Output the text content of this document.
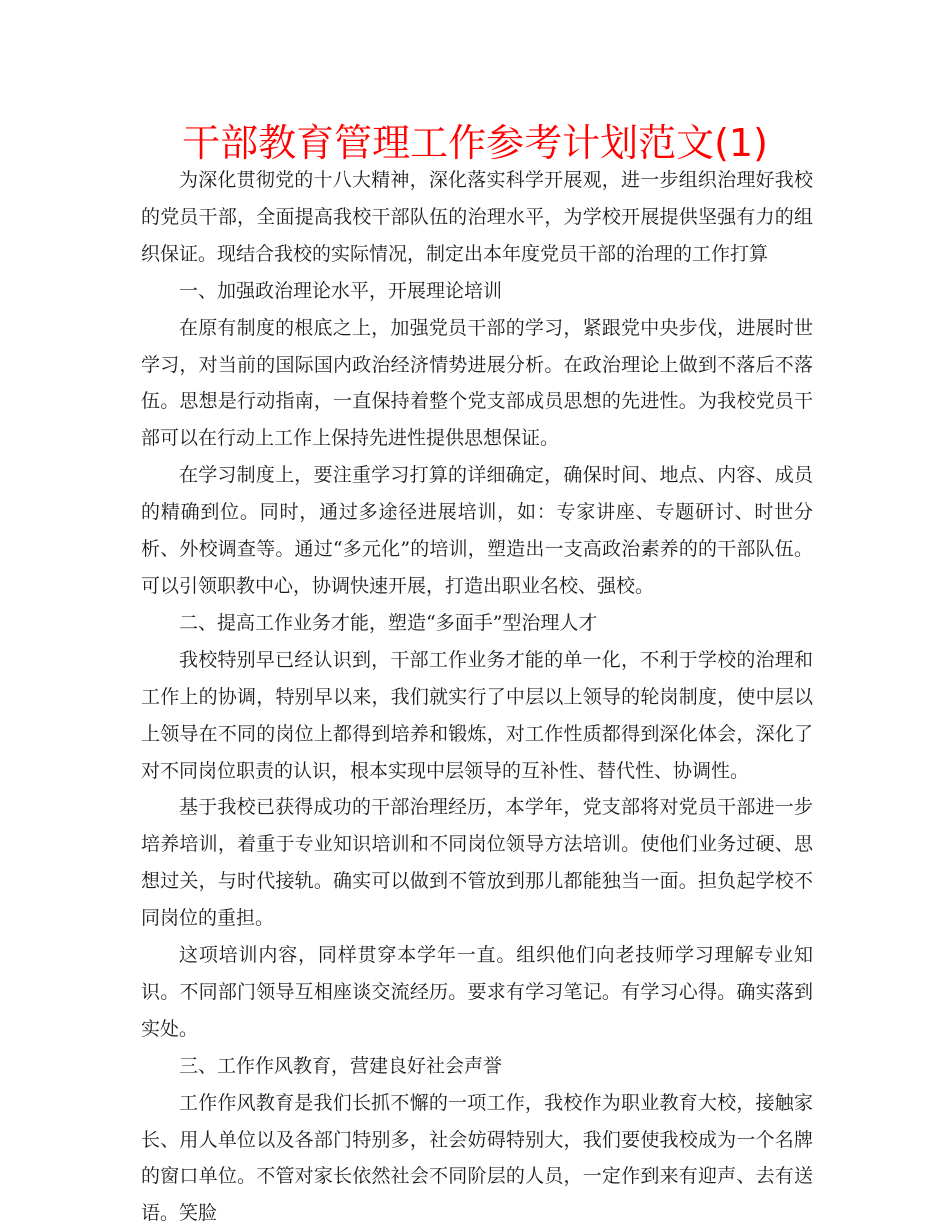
干部教育管理工作参考计划范文(1)

为深化贯彻党的十八大精神，深化落实科学开展观，进一步组织治理好我校的党员干部，全面提高我校干部队伍的治理水平，为学校开展提供坚强有力的组织保证。现结合我校的实际情况，制定出本年度党员干部的治理的工作打算

一、加强政治理论水平，开展理论培训

在原有制度的根底之上，加强党员干部的学习，紧跟党中央步伐，进展时世学习，对当前的国际国内政治经济情势进展分析。在政治理论上做到不落后不落伍。思想是行动指南，一直保持着整个党支部成员思想的先进性。为我校党员干部可以在行动上工作上保持先进性提供思想保证。

在学习制度上，要注重学习打算的详细确定，确保时间、地点、内容、成员的精确到位。同时，通过多途径进展培训，如：专家讲座、专题研讨、时世分析、外校调查等。通过“多元化”的培训，塑造出一支高政治素养的的干部队伍。可以引领职教中心，协调快速开展，打造出职业名校、强校。

二、提高工作业务才能，塑造“多面手”型治理人才

我校特别早已经认识到，干部工作业务才能的单一化，不利于学校的治理和工作上的协调，特别早以来，我们就实行了中层以上领导的轮岗制度，使中层以上领导在不同的岗位上都得到培养和锻炼，对工作性质都得到深化体会，深化了对不同岗位职责的认识，根本实现中层领导的互补性、替代性、协调性。

基于我校已获得成功的干部治理经历，本学年，党支部将对党员干部进一步培养培训，着重于专业知识培训和不同岗位领导方法培训。使他们业务过硬、思想过关，与时代接轨。确实可以做到不管放到那儿都能独当一面。担负起学校不同岗位的重担。

这项培训内容，同样贯穿本学年一直。组织他们向老技师学习理解专业知识。不同部门领导互相座谈交流经历。要求有学习笔记。有学习心得。确实落到实处。

三、工作作风教育，营建良好社会声誉

工作作风教育是我们长抓不懈的一项工作，我校作为职业教育大校，接触家长、用人单位以及各部门特别多，社会妨碍特别大，我们要使我校成为一个名牌的窗口单位。不管对家长依然社会不同阶层的人员，一定作到来有迎声、去有送语。笑脸
